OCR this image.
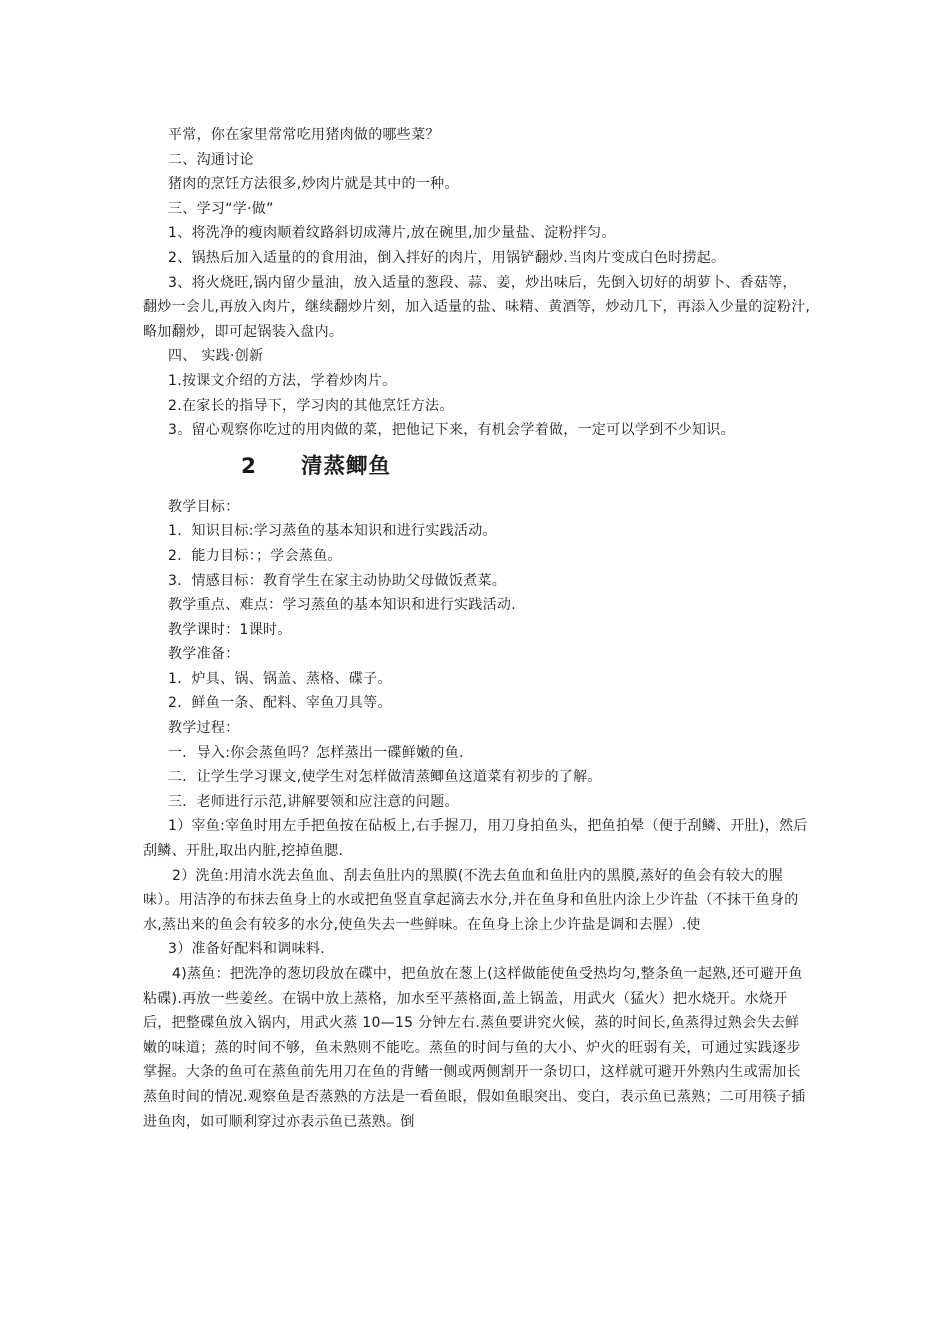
平常，你在家里常常吃用猪肉做的哪些菜？

二、沟通讨论

猪肉的烹饪方法很多,炒肉片就是其中的一种。

三、学习“学·做”

1、将洗净的瘦肉顺着纹路斜切成薄片,放在碗里,加少量盐、淀粉拌匀。

2、锅热后加入适量的的食用油，倒入拌好的肉片，用锅铲翻炒.当肉片变成白色时捞起。

3、将火烧旺,锅内留少量油，放入适量的葱段、蒜、姜，炒出味后，先倒入切好的胡萝卜、香菇等，翻炒一会儿,再放入肉片，继续翻炒片刻，加入适量的盐、味精、黄酒等，炒动几下，再添入少量的淀粉汁,略加翻炒，即可起锅装入盘内。

四、 实践·创新

1.按课文介绍的方法，学着炒肉片。

2.在家长的指导下，学习肉的其他烹饪方法。

3。留心观察你吃过的用肉做的菜，把他记下来，有机会学着做，一定可以学到不少知识。

2 清蒸鲫鱼

教学目标：

1．知识目标:学习蒸鱼的基本知识和进行实践活动。

2．能力目标：；学会蒸鱼。

3．情感目标：教育学生在家主动协助父母做饭煮菜。

教学重点、难点：学习蒸鱼的基本知识和进行实践活动.

教学课时：1课时。

教学准备：

1．炉具、锅、锅盖、蒸格、碟子。

2．鲜鱼一条、配料、宰鱼刀具等。

教学过程：

一．导入:你会蒸鱼吗？怎样蒸出一碟鲜嫩的鱼.

二．让学生学习课文,使学生对怎样做清蒸鲫鱼这道菜有初步的了解。

三．老师进行示范,讲解要领和应注意的问题。

1）宰鱼:宰鱼时用左手把鱼按在砧板上,右手握刀，用刀身拍鱼头，把鱼拍晕（便于刮鳞、开肚)，然后刮鳞、开肚,取出内脏,挖掉鱼腮.

2）洗鱼:用清水洗去鱼血、刮去鱼肚内的黑膜(不洗去鱼血和鱼肚内的黑膜,蒸好的鱼会有较大的腥味）。用洁净的布抹去鱼身上的水或把鱼竖直拿起滴去水分,并在鱼身和鱼肚内涂上少许盐（不抹干鱼身的水,蒸出来的鱼会有较多的水分,使鱼失去一些鲜味。在鱼身上涂上少许盐是调和去腥）.使

3）准备好配料和调味料.

4)蒸鱼：把洗净的葱切段放在碟中，把鱼放在葱上(这样做能使鱼受热均匀,整条鱼一起熟,还可避开鱼粘碟).再放一些姜丝。在锅中放上蒸格，加水至平蒸格面,盖上锅盖，用武火（猛火）把水烧开。水烧开后，把整碟鱼放入锅内，用武火蒸 10—15 分钟左右.蒸鱼要讲究火候，蒸的时间长,鱼蒸得过熟会失去鲜嫩的味道；蒸的时间不够，鱼未熟则不能吃。蒸鱼的时间与鱼的大小、炉火的旺弱有关，可通过实践逐步掌握。大条的鱼可在蒸鱼前先用刀在鱼的背鳍一侧或两侧割开一条切口，这样就可避开外熟内生或需加长蒸鱼时间的情况.观察鱼是否蒸熟的方法是一看鱼眼，假如鱼眼突出、变白，表示鱼已蒸熟；二可用筷子插进鱼肉，如可顺利穿过亦表示鱼已蒸熟。倒
